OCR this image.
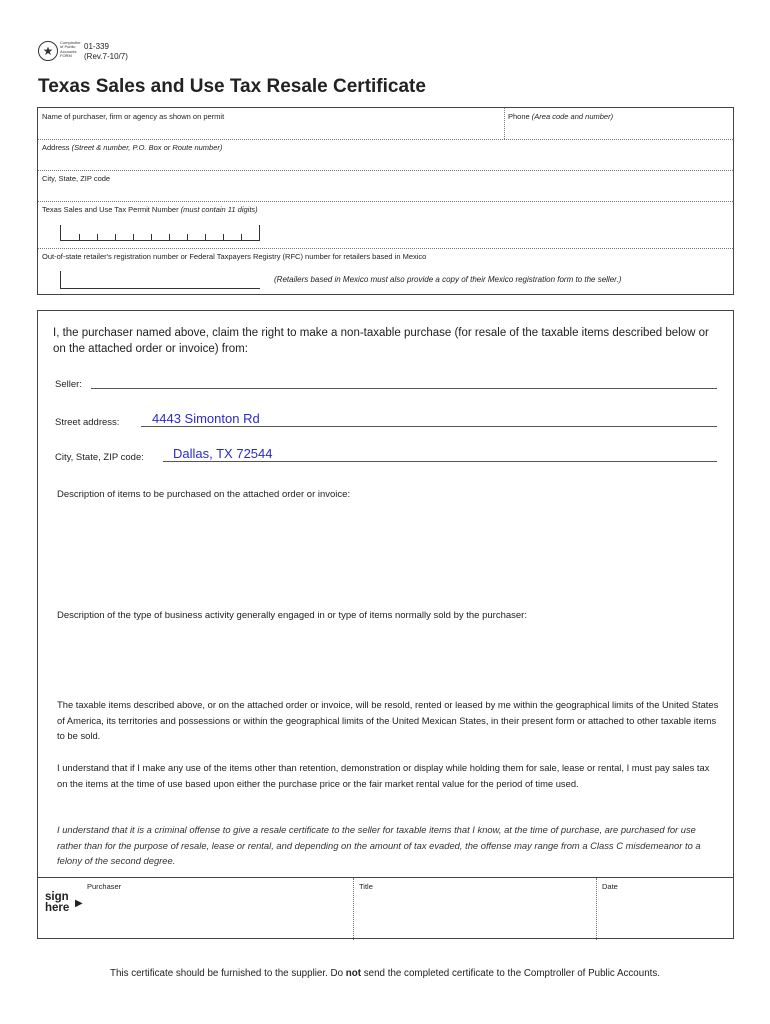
★
Comptroller of Public Accounts FORM
01-339
(Rev.7-10/7)
Texas Sales and Use Tax Resale Certificate
Name of purchaser, firm or agency as shown on permit	Phone (Area code and number)
Address (Street & number, P.O. Box or Route number)
City, State, ZIP code
Texas Sales and Use Tax Permit Number (must contain 11 digits)
Out-of-state retailer's registration number or Federal Taxpayers Registry (RFC) number for retailers based in Mexico
(Retailers based in Mexico must also provide a copy of their Mexico registration form to the seller.)
I, the purchaser named above, claim the right to make a non-taxable purchase (for resale of the taxable items described below or on the attached order or invoice) from:
Seller:
Street address:	4443 Simonton Rd
City, State, ZIP code: Dallas, TX 72544
Description of items to be purchased on the attached order or invoice:
Description of the type of business activity generally engaged in or type of items normally sold by the purchaser:
The taxable items described above, or on the attached order or invoice, will be resold, rented or leased by me within the geographical limits of the United States of America, its territories and possessions or within the geographical limits of the United Mexican States, in their present form or attached to other taxable items to be sold.
I understand that if I make any use of the items other than retention, demonstration or display while holding them for sale, lease or rental, I must pay sales tax on the items at the time of use based upon either the purchase price or the fair market rental value for the period of time used.
I understand that it is a criminal offense to give a resale certificate to the seller for taxable items that I know, at the time of purchase, are purchased for use rather than for the purpose of resale, lease or rental, and depending on the amount of tax evaded, the offense may range from a Class C misdemeanor to a felony of the second degree.
sign
here ▶
Purchaser	Title	Date
This certificate should be furnished to the supplier. Do not send the completed certificate to the Comptroller of Public Accounts.
